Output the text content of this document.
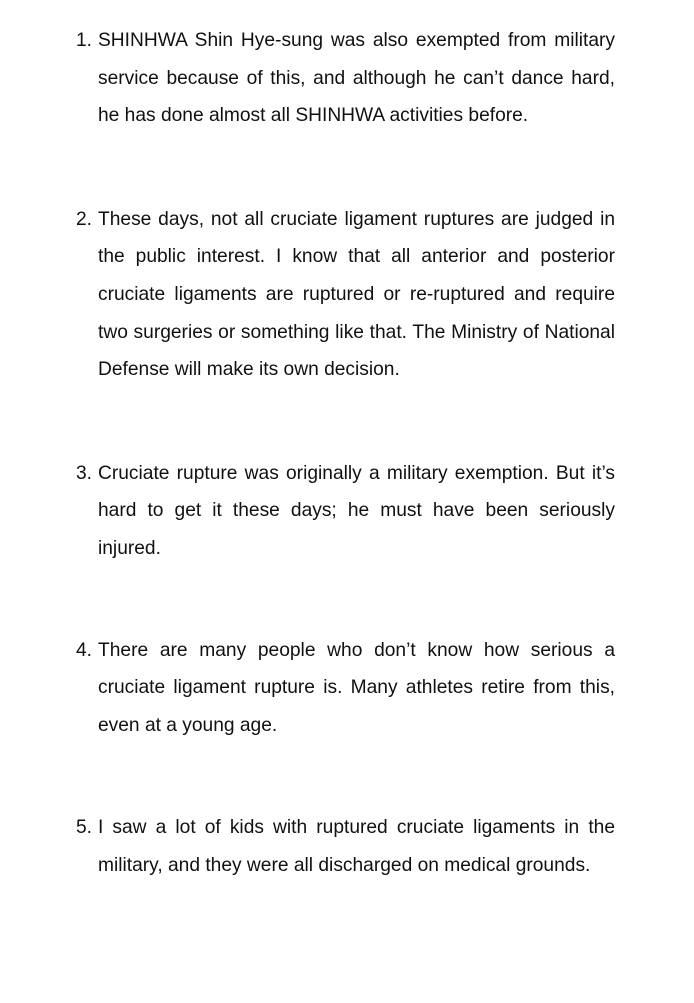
1. SHINHWA Shin Hye-sung was also exempted from military service because of this, and although he can’t dance hard, he has done almost all SHINHWA activities before.
2. These days, not all cruciate ligament ruptures are judged in the public interest. I know that all anterior and posterior cruciate ligaments are ruptured or re-ruptured and require two surgeries or something like that. The Ministry of National Defense will make its own decision.
3. Cruciate rupture was originally a military exemption. But it’s hard to get it these days; he must have been seriously injured.
4. There are many people who don’t know how serious a cruciate ligament rupture is. Many athletes retire from this, even at a young age.
5. I saw a lot of kids with ruptured cruciate ligaments in the military, and they were all discharged on medical grounds.
